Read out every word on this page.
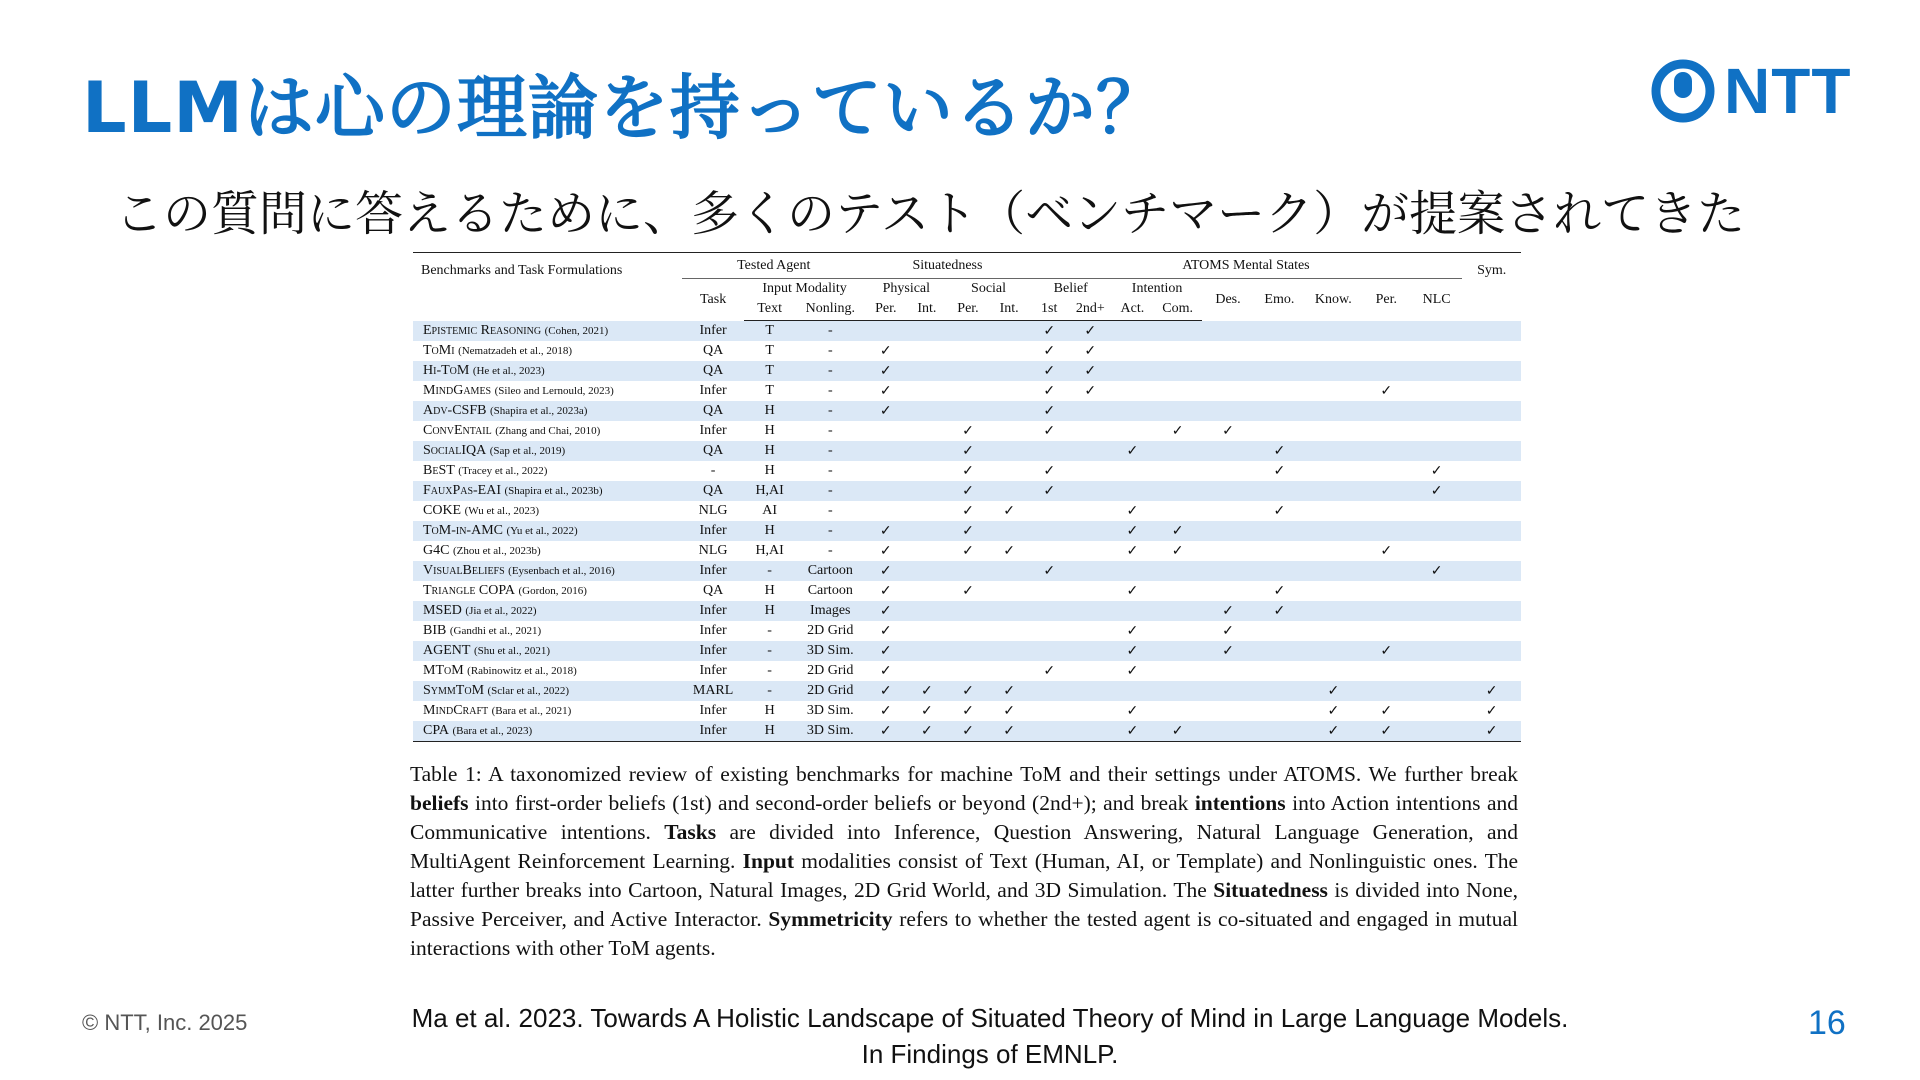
LLMは心の理論を持っているか？	NTT
この質問に答えるために、多くのテスト（ベンチマーク）が提案されてきた
Benchmarks and Task Formulations	Tested Agent			Situatedness				ATOMS Mental States									Sym.
	Task	Input Modality		Physical		Social		Belief		Intention		Des.	Emo.	Know.	Per.	NLC	
		Text	Nonling.	Per.	Int.	Per.	Int.	1st	2nd+	Act.	Com.						
Epistemic Reasoning (Cohen, 2021)	Infer	T	-					✓	✓								
ToMi (Nematzadeh et al., 2018)	QA	T	-	✓				✓	✓								
Hi-ToM (He et al., 2023)	QA	T	-	✓				✓	✓								
MindGames (Sileo and Lernould, 2023)	Infer	T	-	✓				✓	✓						✓		
Adv-CSFB (Shapira et al., 2023a)	QA	H	-	✓				✓									
ConvEntail (Zhang and Chai, 2010)	Infer	H	-			✓		✓			✓	✓					
SocialIQA (Sap et al., 2019)	QA	H	-			✓				✓			✓				
BeST (Tracey et al., 2022)	-	H	-			✓		✓					✓			✓	
FauxPas-EAI (Shapira et al., 2023b)	QA	H,AI	-			✓		✓								✓	
COKE (Wu et al., 2023)	NLG	AI	-			✓	✓			✓			✓				
ToM-in-AMC (Yu et al., 2022)	Infer	H	-	✓		✓				✓	✓						
G4C (Zhou et al., 2023b)	NLG	H,AI	-	✓		✓	✓			✓	✓				✓		
VisualBeliefs (Eysenbach et al., 2016)	Infer	-	Cartoon	✓				✓								✓	
Triangle COPA (Gordon, 2016)	QA	H	Cartoon	✓		✓				✓			✓				
MSED (Jia et al., 2022)	Infer	H	Images	✓								✓	✓				
BIB (Gandhi et al., 2021)	Infer	-	2D Grid	✓						✓		✓					
AGENT (Shu et al., 2021)	Infer	-	3D Sim.	✓						✓		✓			✓		
MToM (Rabinowitz et al., 2018)	Infer	-	2D Grid	✓				✓		✓							
SymmToM (Sclar et al., 2022)	MARL	-	2D Grid	✓	✓	✓	✓							✓			✓
MindCraft (Bara et al., 2021)	Infer	H	3D Sim.	✓	✓	✓	✓			✓				✓	✓		✓
CPA (Bara et al., 2023)	Infer	H	3D Sim.	✓	✓	✓	✓			✓	✓			✓	✓		✓

Table 1: A taxonomized review of existing benchmarks for machine ToM and their settings under ATOMS. We further break beliefs into first-order beliefs (1st) and second-order beliefs or beyond (2nd+); and break intentions into Action intentions and Communicative intentions. Tasks are divided into Inference, Question Answering, Natural Language Generation, and MultiAgent Reinforcement Learning. Input modalities consist of Text (Human, AI, or Template) and Nonlinguistic ones. The latter further breaks into Cartoon, Natural Images, 2D Grid World, and 3D Simulation. The Situatedness is divided into None, Passive Perceiver, and Active Interactor. Symmetricity refers to whether the tested agent is co-situated and engaged in mutual interactions with other ToM agents.

© NTT, Inc. 2025	Ma et al. 2023. Towards A Holistic Landscape of Situated Theory of Mind in Large Language Models.
In Findings of EMNLP.
16
